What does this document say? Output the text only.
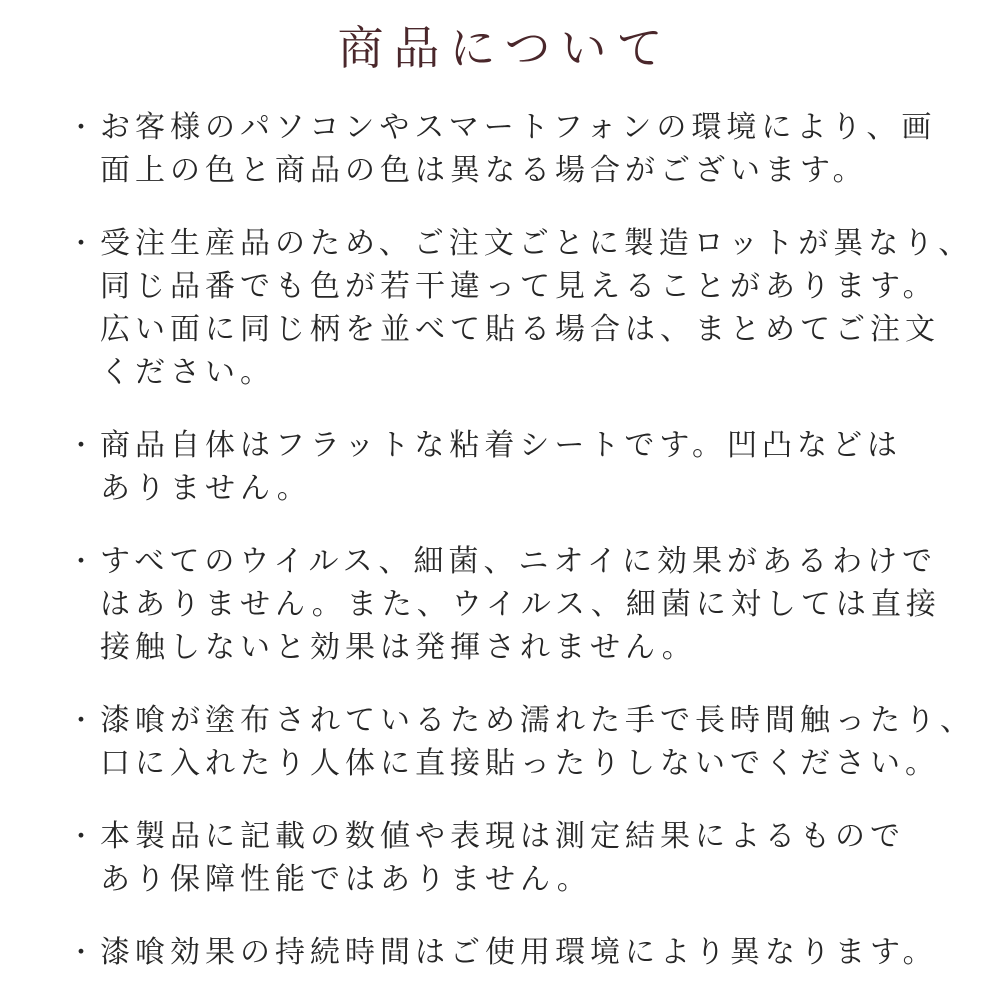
商品について
・ お客様のパソコンやスマートフォンの環境により、画
面上の色と商品の色は異なる場合がございます。
・ 受注生産品のため、ご注文ごとに製造ロットが異なり、
同じ品番でも色が若干違って見えることがあります。
広い面に同じ柄を並べて貼る場合は、まとめてご注文
ください。
・ 商品自体はフラットな粘着シートです。凹凸などは
ありません。
・ すべてのウイルス、細菌、ニオイに効果があるわけで
はありません。また、ウイルス、細菌に対しては直接
接触しないと効果は発揮されません。
・ 漆喰が塗布されているため濡れた手で長時間触ったり、
口に入れたり人体に直接貼ったりしないでください。
・ 本製品に記載の数値や表現は測定結果によるもので
あり保障性能ではありません。
・ 漆喰効果の持続時間はご使用環境により異なります。
